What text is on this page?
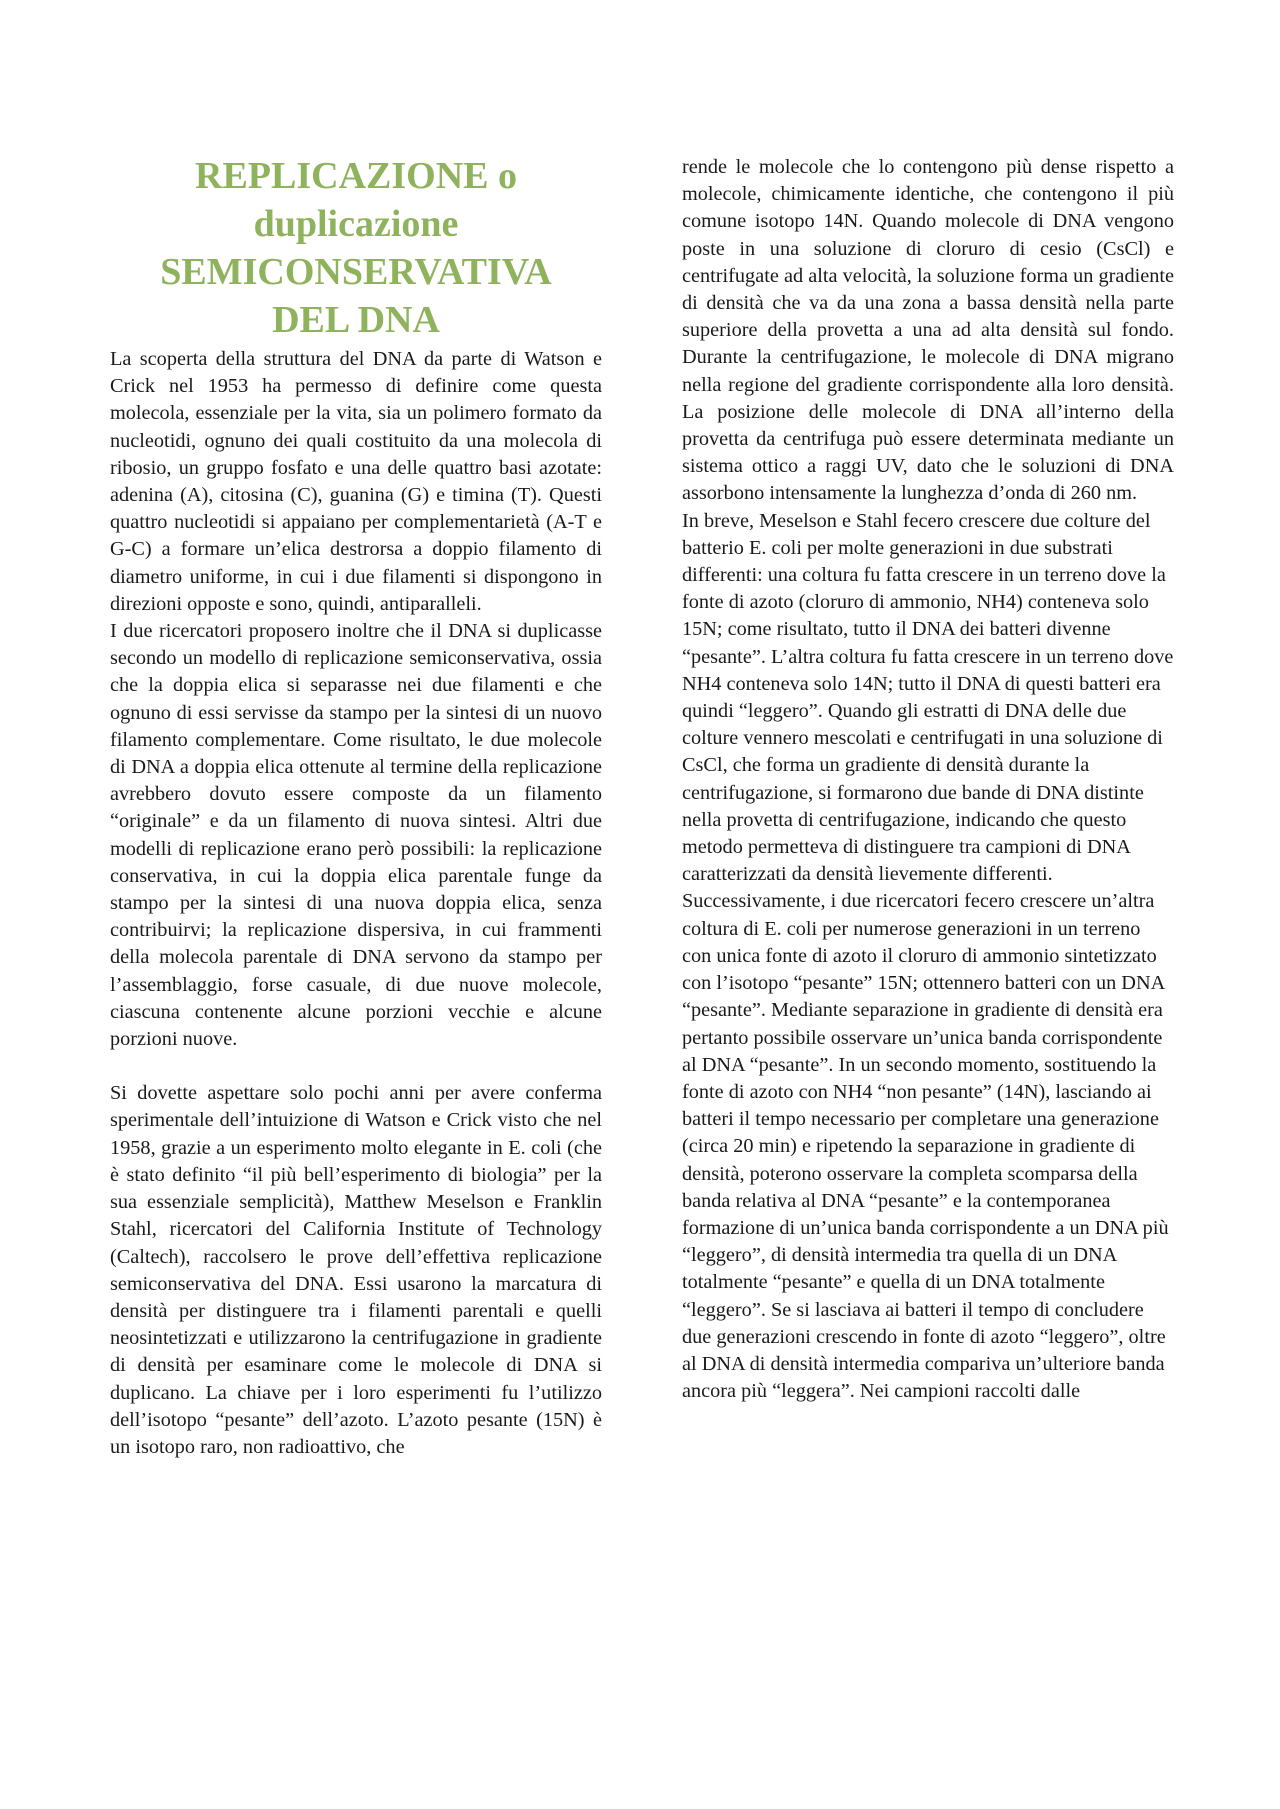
REPLICAZIONE o
duplicazione
SEMICONSERVATIVA
DEL DNA

La scoperta della struttura del DNA da parte di Watson e Crick nel 1953 ha permesso di definire come questa molecola, essenziale per la vita, sia un polimero formato da nucleotidi, ognuno dei quali costituito da una molecola di ribosio, un gruppo fosfato e una delle quattro basi azotate: adenina (A), citosina (C), guanina (G) e timina (T). Questi quattro nucleotidi si appaiano per complementarietà (A-T e G-C) a formare un’elica destrorsa a doppio filamento di diametro uniforme, in cui i due filamenti si dispongono in direzioni opposte e sono, quindi, antiparalleli.

I due ricercatori proposero inoltre che il DNA si duplicasse secondo un modello di replicazione semiconservativa, ossia che la doppia elica si separasse nei due filamenti e che ognuno di essi servisse da stampo per la sintesi di un nuovo filamento complementare. Come risultato, le due molecole di DNA a doppia elica ottenute al termine della replicazione avrebbero dovuto essere composte da un filamento “originale” e da un filamento di nuova sintesi. Altri due modelli di replicazione erano però possibili: la replicazione conservativa, in cui la doppia elica parentale funge da stampo per la sintesi di una nuova doppia elica, senza contribuirvi; la replicazione dispersiva, in cui frammenti della molecola parentale di DNA servono da stampo per l’assemblaggio, forse casuale, di due nuove molecole, ciascuna contenente alcune porzioni vecchie e alcune porzioni nuove.

Si dovette aspettare solo pochi anni per avere conferma sperimentale dell’intuizione di Watson e Crick visto che nel 1958, grazie a un esperimento molto elegante in E. coli (che è stato definito “il più bell’esperimento di biologia” per la sua essenziale semplicità), Matthew Meselson e Franklin Stahl, ricercatori del California Institute of Technology (Caltech), raccolsero le prove dell’effettiva replicazione semiconservativa del DNA. Essi usarono la marcatura di densità per distinguere tra i filamenti parentali e quelli neosintetizzati e utilizzarono la centrifugazione in gradiente di densità per esaminare come le molecole di DNA si duplicano. La chiave per i loro esperimenti fu l’utilizzo dell’isotopo “pesante” dell’azoto. L’azoto pesante (15N) è un isotopo raro, non radioattivo, che

rende le molecole che lo contengono più dense rispetto a molecole, chimicamente identiche, che contengono il più comune isotopo 14N. Quando molecole di DNA vengono poste in una soluzione di cloruro di cesio (CsCl) e centrifugate ad alta velocità, la soluzione forma un gradiente di densità che va da una zona a bassa densità nella parte superiore della provetta a una ad alta densità sul fondo. Durante la centrifugazione, le molecole di DNA migrano nella regione del gradiente corrispondente alla loro densità. La posizione delle molecole di DNA all’interno della provetta da centrifuga può essere determinata mediante un sistema ottico a raggi UV, dato che le soluzioni di DNA assorbono intensamente la lunghezza d’onda di 260 nm.

In breve, Meselson e Stahl fecero crescere due colture del batterio E. coli per molte generazioni in due substrati differenti: una coltura fu fatta crescere in un terreno dove la fonte di azoto (cloruro di ammonio, NH4) conteneva solo 15N; come risultato, tutto il DNA dei batteri divenne “pesante”. L’altra coltura fu fatta crescere in un terreno dove NH4 conteneva solo 14N; tutto il DNA di questi batteri era quindi “leggero”. Quando gli estratti di DNA delle due colture vennero mescolati e centrifugati in una soluzione di CsCl, che forma un gradiente di densità durante la centrifugazione, si formarono due bande di DNA distinte nella provetta di centrifugazione, indicando che questo metodo permetteva di distinguere tra campioni di DNA caratterizzati da densità lievemente differenti. Successivamente, i due ricercatori fecero crescere un’altra coltura di E. coli per numerose generazioni in un terreno con unica fonte di azoto il cloruro di ammonio sintetizzato con l’isotopo “pesante” 15N; ottennero batteri con un DNA “pesante”. Mediante separazione in gradiente di densità era pertanto possibile osservare un’unica banda corrispondente al DNA “pesante”. In un secondo momento, sostituendo la fonte di azoto con NH4 “non pesante” (14N), lasciando ai batteri il tempo necessario per completare una generazione (circa 20 min) e ripetendo la separazione in gradiente di densità, poterono osservare la completa scomparsa della banda relativa al DNA “pesante” e la contemporanea formazione di un’unica banda corrispondente a un DNA più “leggero”, di densità intermedia tra quella di un DNA totalmente “pesante” e quella di un DNA totalmente “leggero”. Se si lasciava ai batteri il tempo di concludere due generazioni crescendo in fonte di azoto “leggero”, oltre al DNA di densità intermedia compariva un’ulteriore banda ancora più “leggera”. Nei campioni raccolti dalle
